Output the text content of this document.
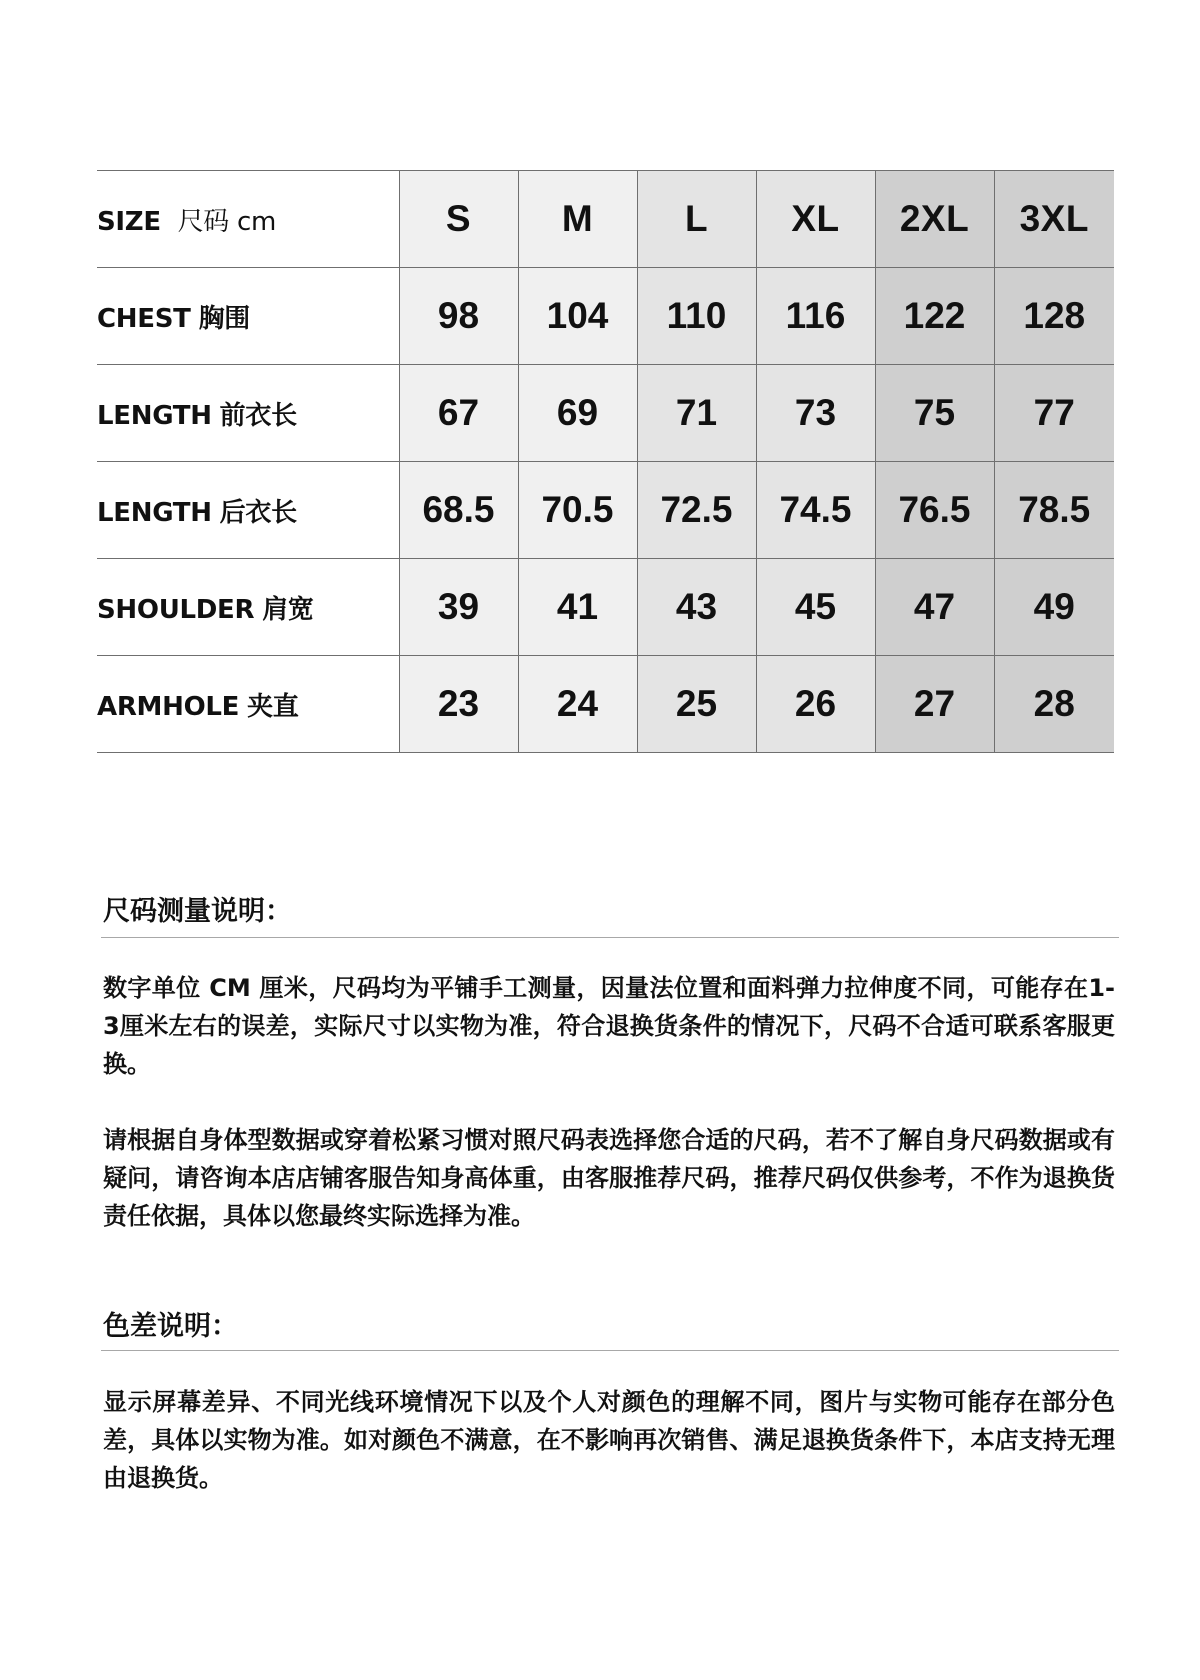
SIZE 尺码 cm	S	M	L	XL	2XL	3XL
CHEST 胸围	98	104	110	116	122	128
LENGTH 前衣长	67	69	71	73	75	77
LENGTH 后衣长	68.5	70.5	72.5	74.5	76.5	78.5
SHOULDER 肩宽	39	41	43	45	47	49
ARMHOLE 夹直	23	24	25	26	27	28
尺码测量说明：

数字单位 CM 厘米，尺码均为平铺手工测量，因量法位置和面料弹力拉伸度不同，可能存在1-3厘米左右的误差，实际尺寸以实物为准，符合退换货条件的情况下，尺码不合适可联系客服更换。

请根据自身体型数据或穿着松紧习惯对照尺码表选择您合适的尺码，若不了解自身尺码数据或有疑问，请咨询本店店铺客服告知身高体重，由客服推荐尺码，推荐尺码仅供参考，不作为退换货责任依据，具体以您最终实际选择为准。

色差说明：

显示屏幕差异、不同光线环境情况下以及个人对颜色的理解不同，图片与实物可能存在部分色差，具体以实物为准。如对颜色不满意，在不影响再次销售、满足退换货条件下，本店支持无理由退换货。
